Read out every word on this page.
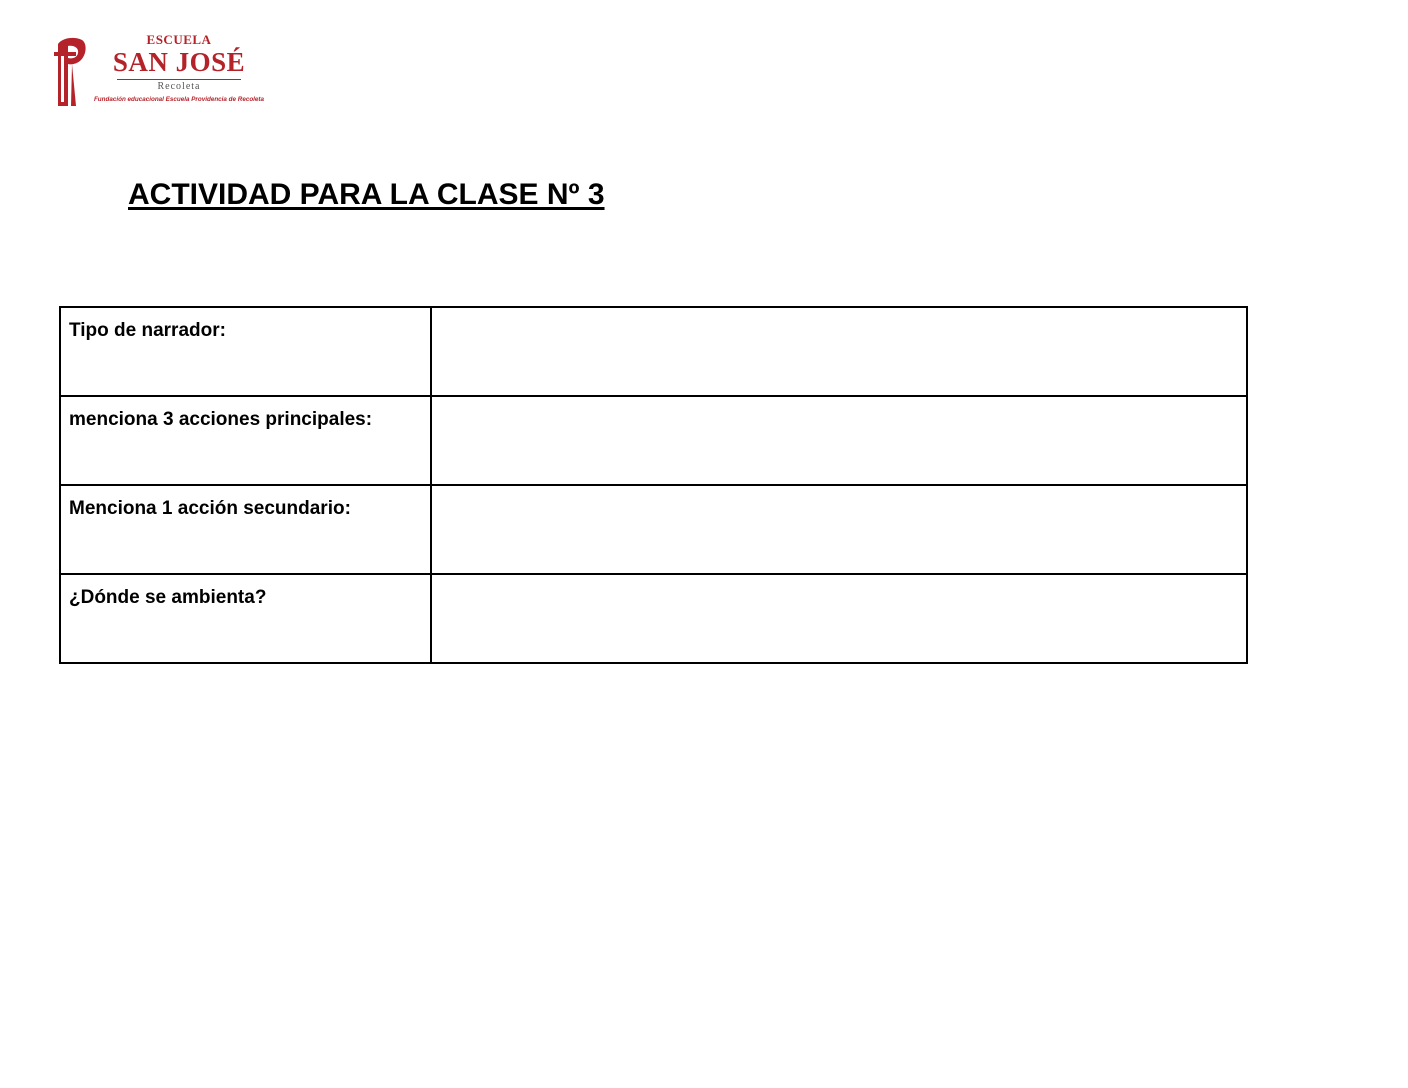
ESCUELA
SAN JOSÉ
Recoleta
Fundación educacional Escuela Providencia de Recoleta
ACTIVIDAD PARA LA CLASE Nº 3
Tipo de narrador:	
menciona 3 acciones principales:	
Menciona 1 acción secundario:	
¿Dónde se ambienta?	
